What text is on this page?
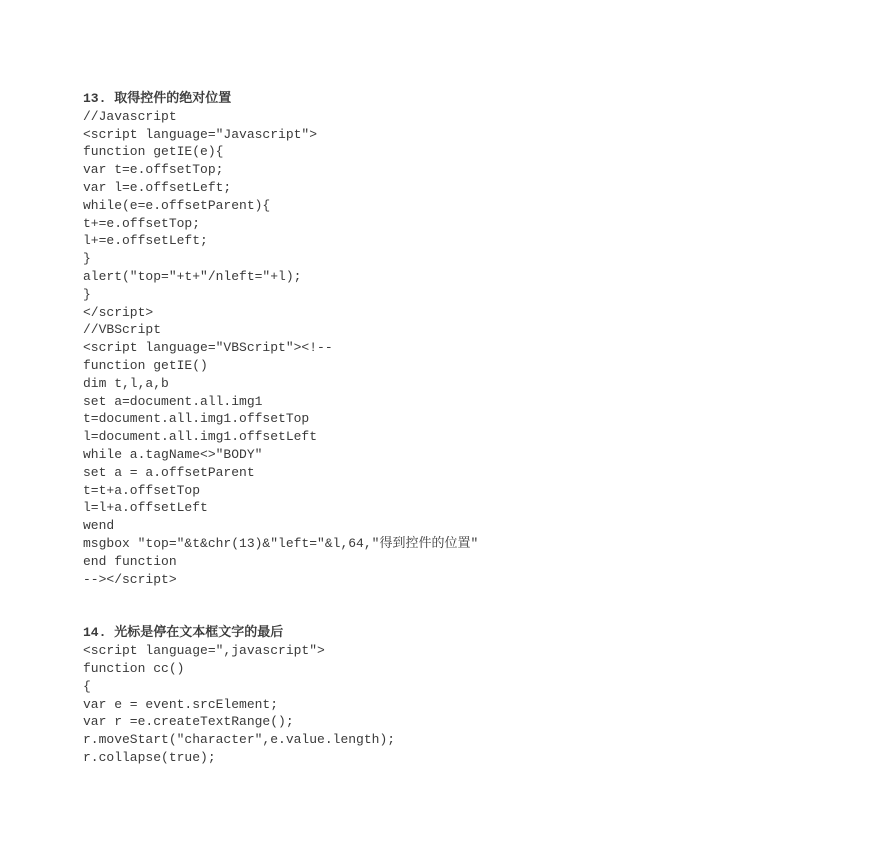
13. 取得控件的绝对位置
//Javascript
<script language="Javascript">
function getIE(e){
var t=e.offsetTop;
var l=e.offsetLeft;
while(e=e.offsetParent){
t+=e.offsetTop;
l+=e.offsetLeft;
}
alert("top="+t+"/nleft="+l);
}
</script>
//VBScript
<script language="VBScript"><!--
function getIE()
dim t,l,a,b
set a=document.all.img1
t=document.all.img1.offsetTop
l=document.all.img1.offsetLeft
while a.tagName<>"BODY"
set a = a.offsetParent
t=t+a.offsetTop
l=l+a.offsetLeft
wend
msgbox "top="&t&chr(13)&"left="&l,64,"得到控件的位置"
end function
--></script>
14. 光标是停在文本框文字的最后
<script language=",javascript">
function cc()
{
var e = event.srcElement;
var r =e.createTextRange();
r.moveStart("character",e.value.length);
r.collapse(true);
